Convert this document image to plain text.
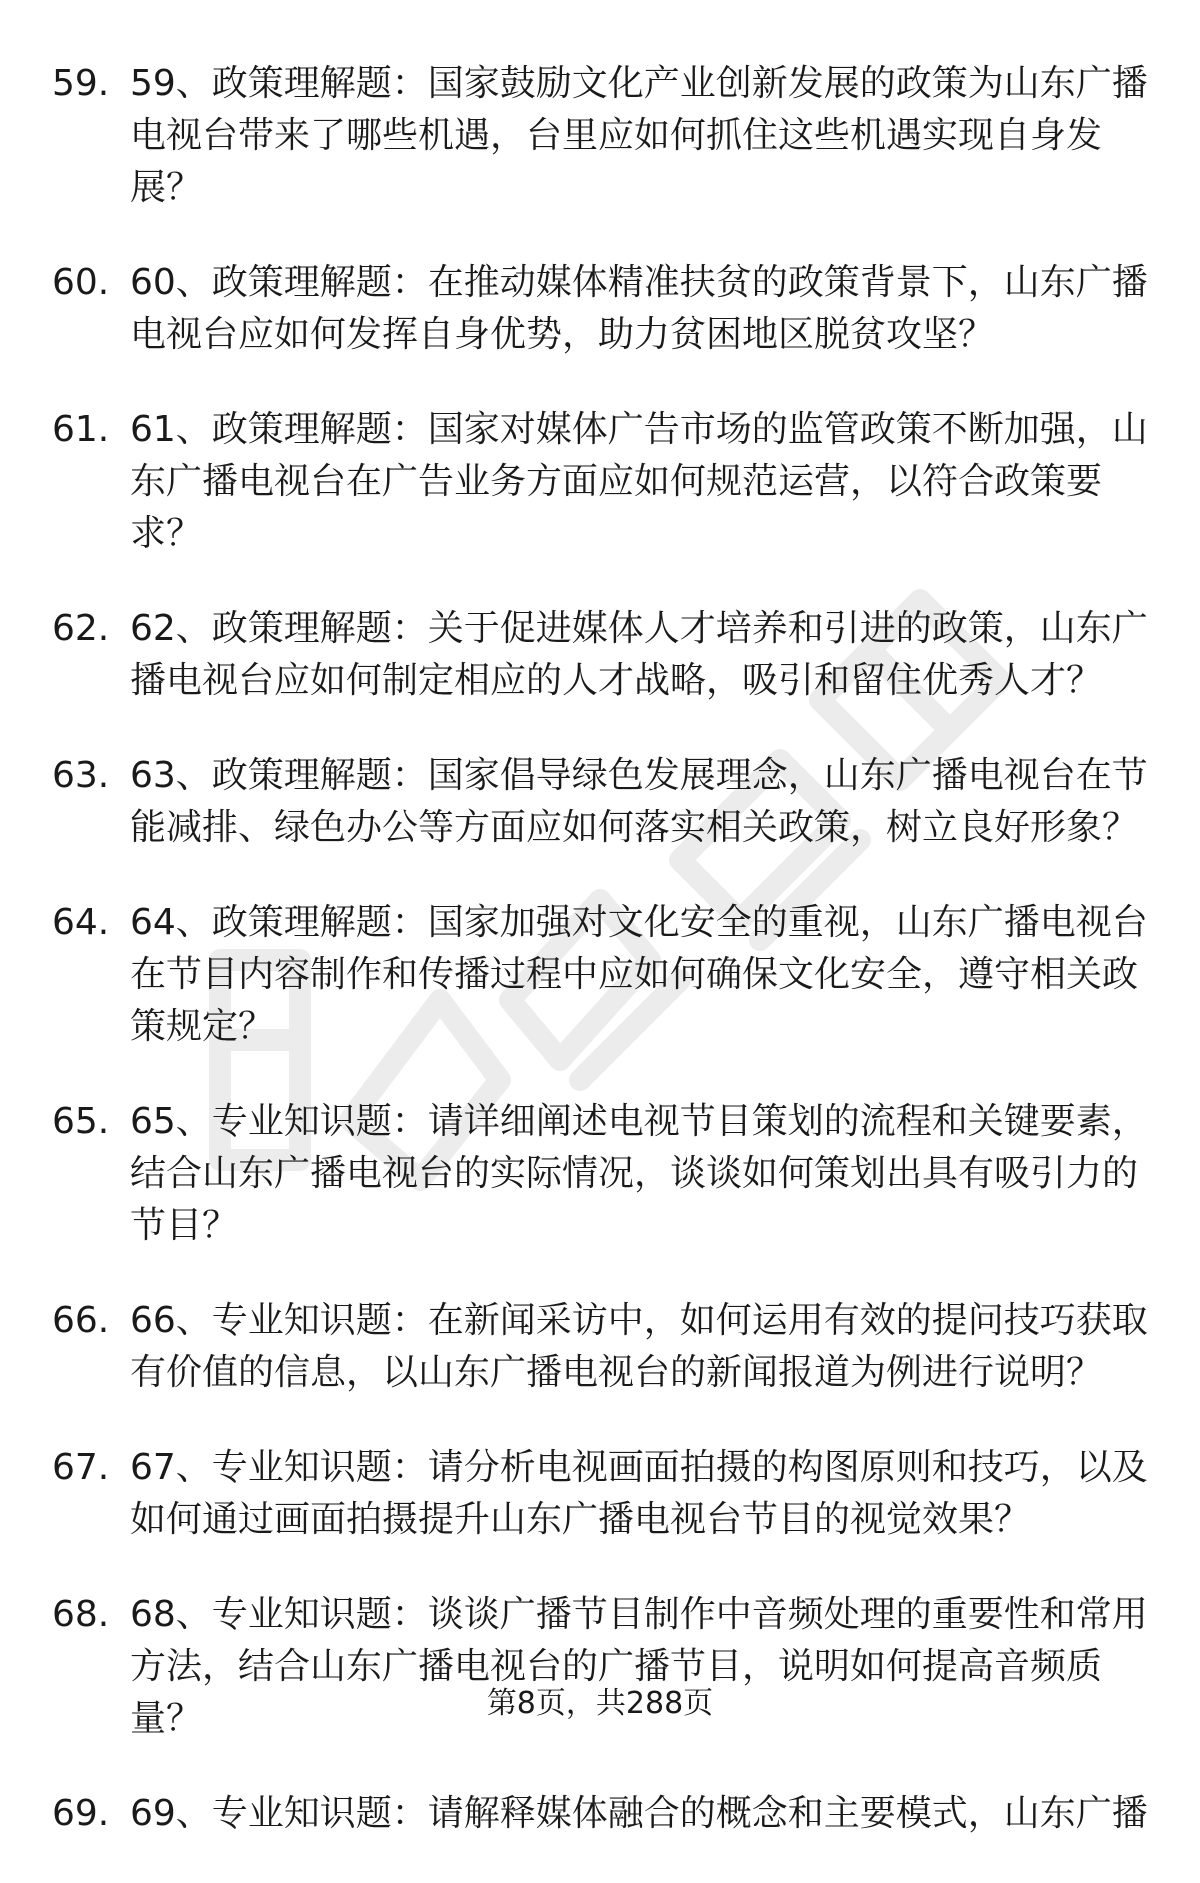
59. 59、政策理解题：国家鼓励文化产业创新发展的政策为山东广播电视台带来了哪些机遇，台里应如何抓住这些机遇实现自身发展？
60. 60、政策理解题：在推动媒体精准扶贫的政策背景下，山东广播电视台应如何发挥自身优势，助力贫困地区脱贫攻坚？
61. 61、政策理解题：国家对媒体广告市场的监管政策不断加强，山东广播电视台在广告业务方面应如何规范运营，以符合政策要求？
62. 62、政策理解题：关于促进媒体人才培养和引进的政策，山东广播电视台应如何制定相应的人才战略，吸引和留住优秀人才？
63. 63、政策理解题：国家倡导绿色发展理念，山东广播电视台在节能减排、绿色办公等方面应如何落实相关政策，树立良好形象？
64. 64、政策理解题：国家加强对文化安全的重视，山东广播电视台在节目内容制作和传播过程中应如何确保文化安全，遵守相关政策规定？
65. 65、专业知识题：请详细阐述电视节目策划的流程和关键要素，结合山东广播电视台的实际情况，谈谈如何策划出具有吸引力的节目？
66. 66、专业知识题：在新闻采访中，如何运用有效的提问技巧获取有价值的信息，以山东广播电视台的新闻报道为例进行说明？
67. 67、专业知识题：请分析电视画面拍摄的构图原则和技巧，以及如何通过画面拍摄提升山东广播电视台节目的视觉效果？
68. 68、专业知识题：谈谈广播节目制作中音频处理的重要性和常用方法，结合山东广播电视台的广播节目，说明如何提高音频质量？
69. 69、专业知识题：请解释媒体融合的概念和主要模式，山东广播
第8页，共288页
